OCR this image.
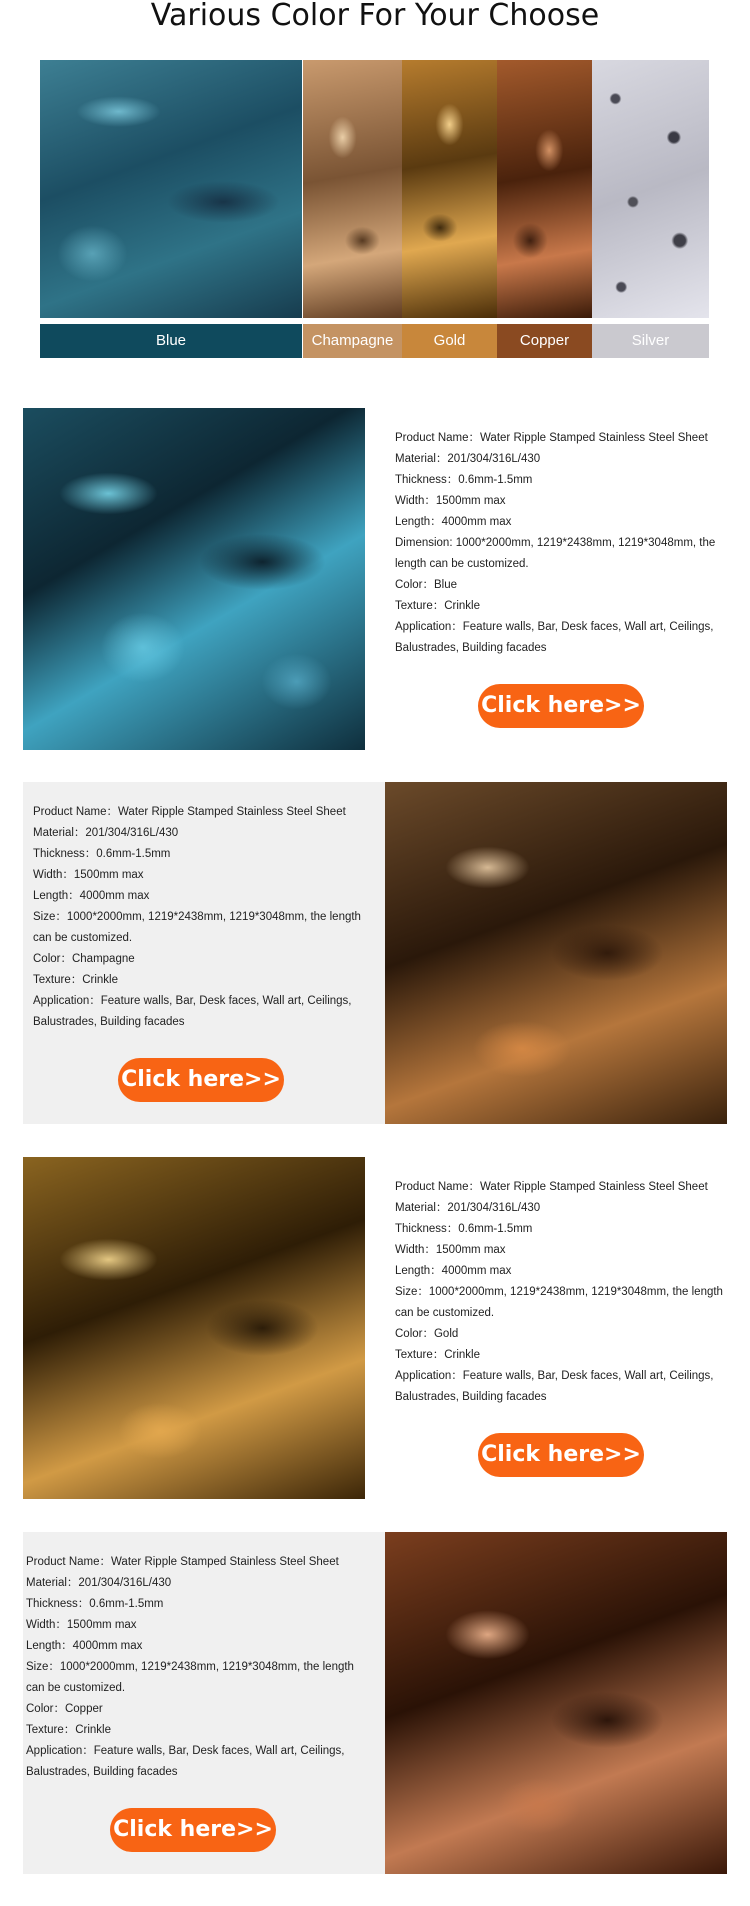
Various Color For Your Choose
Blue	Champagne	Gold	Copper	Silver
Product Name：Water Ripple Stamped Stainless Steel Sheet
Material：201/304/316L/430
Thickness：0.6mm-1.5mm
Width：1500mm max
Length：4000mm max
Dimension: 1000*2000mm, 1219*2438mm, 1219*3048mm, the length can be customized.
Color：Blue
Texture：Crinkle
Application：Feature walls, Bar, Desk faces, Wall art, Ceilings, Balustrades, Building facades
Click here>>
Product Name：Water Ripple Stamped Stainless Steel Sheet
Material：201/304/316L/430
Thickness：0.6mm-1.5mm
Width：1500mm max
Length：4000mm max
Size：1000*2000mm, 1219*2438mm, 1219*3048mm, the length can be customized.
Color：Champagne
Texture：Crinkle
Application：Feature walls, Bar, Desk faces, Wall art, Ceilings, Balustrades, Building facades
Click here>>
Product Name：Water Ripple Stamped Stainless Steel Sheet
Material：201/304/316L/430
Thickness：0.6mm-1.5mm
Width：1500mm max
Length：4000mm max
Size：1000*2000mm, 1219*2438mm, 1219*3048mm, the length can be customized.
Color：Gold
Texture：Crinkle
Application：Feature walls, Bar, Desk faces, Wall art, Ceilings, Balustrades, Building facades
Click here>>
Product Name：Water Ripple Stamped Stainless Steel Sheet
Material：201/304/316L/430
Thickness：0.6mm-1.5mm
Width：1500mm max
Length：4000mm max
Size：1000*2000mm, 1219*2438mm, 1219*3048mm, the length can be customized.
Color：Copper
Texture：Crinkle
Application：Feature walls, Bar, Desk faces, Wall art, Ceilings, Balustrades, Building facades
Click here>>
